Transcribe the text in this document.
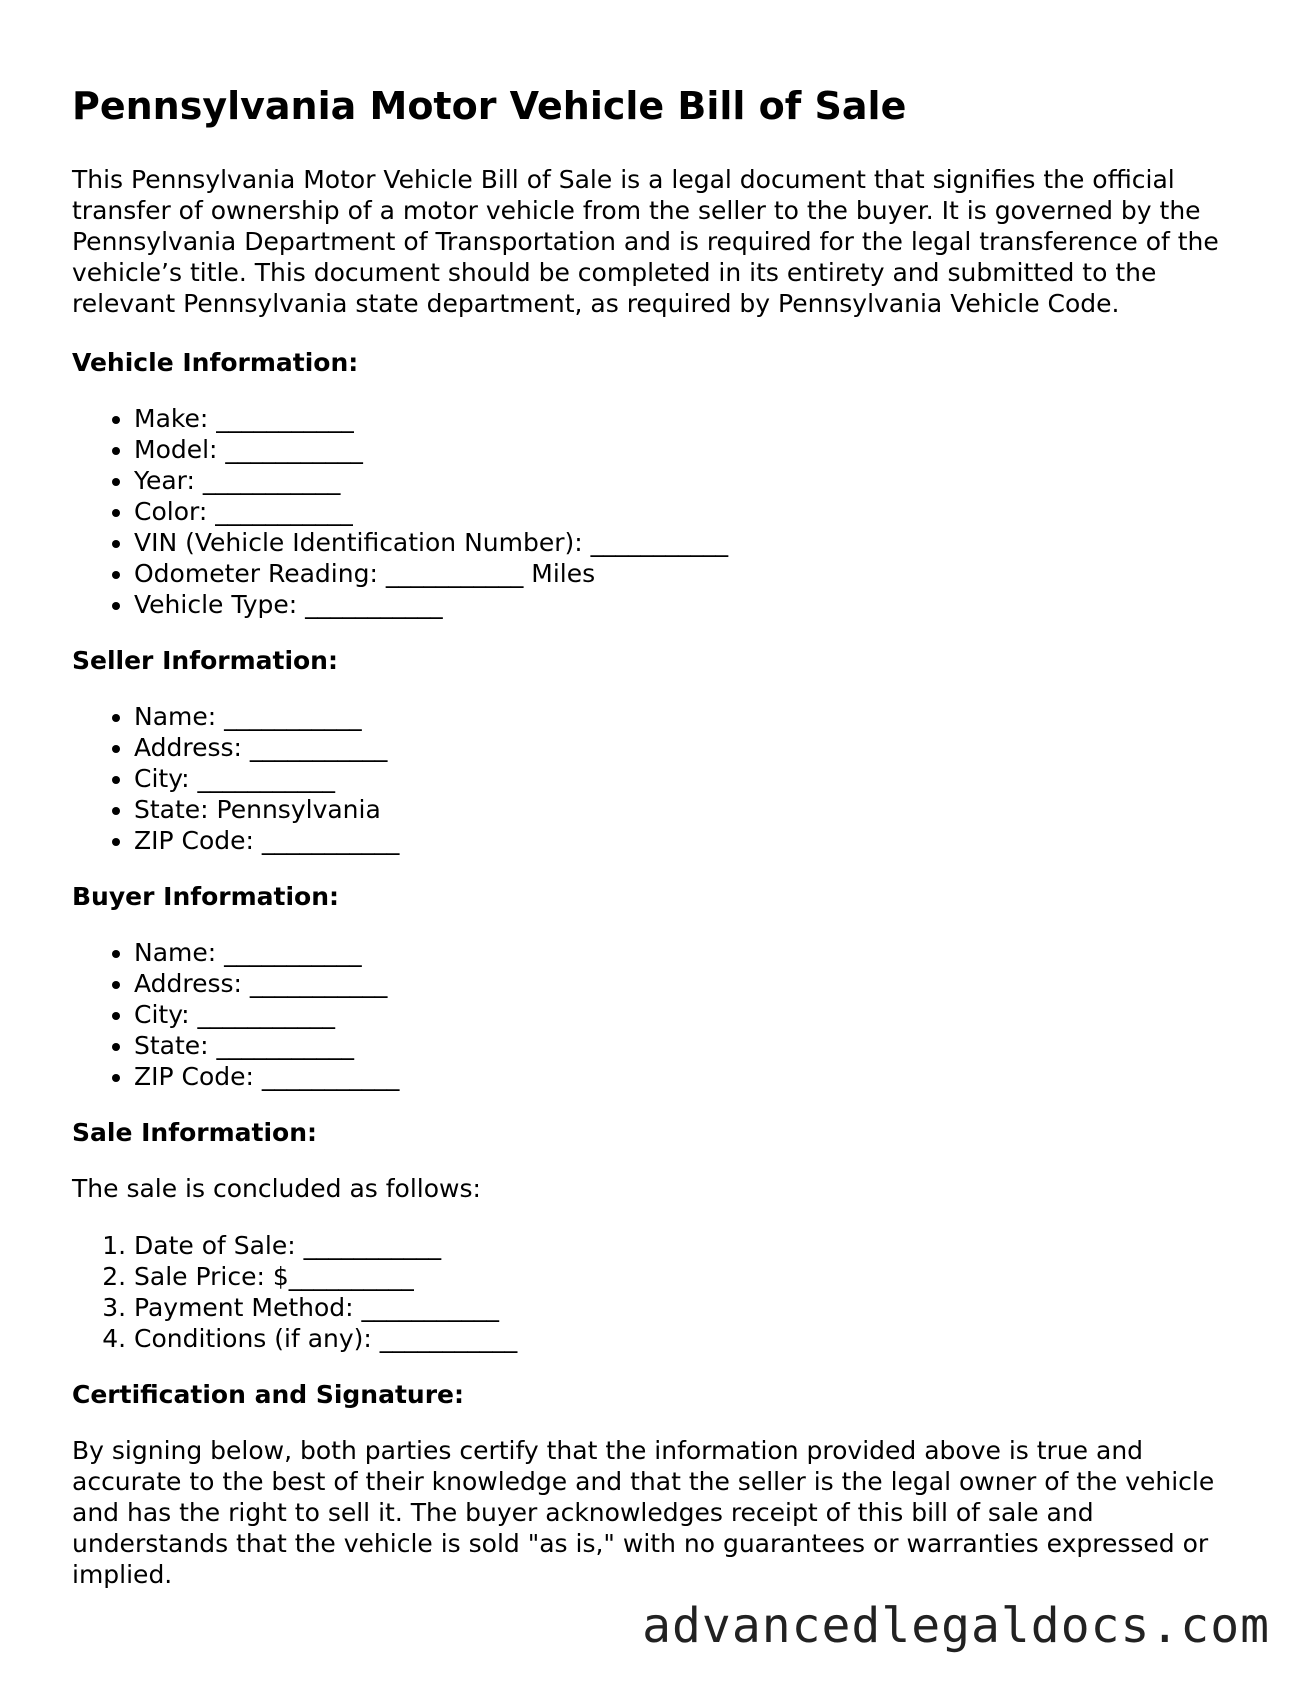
Pennsylvania Motor Vehicle Bill of Sale

This Pennsylvania Motor Vehicle Bill of Sale is a legal document that signifies the official transfer of ownership of a motor vehicle from the seller to the buyer. It is governed by the Pennsylvania Department of Transportation and is required for the legal transference of the vehicle’s title. This document should be completed in its entirety and submitted to the relevant Pennsylvania state department, as required by Pennsylvania Vehicle Code.

Vehicle Information:
• Make: ___________
• Model: ___________
• Year: ___________
• Color: ___________
• VIN (Vehicle Identification Number): ___________
• Odometer Reading: ___________ Miles
• Vehicle Type: ___________
Seller Information:
• Name: ___________
• Address: ___________
• City: ___________
• State: Pennsylvania
• ZIP Code: ___________
Buyer Information:
• Name: ___________
• Address: ___________
• City: ___________
• State: ___________
• ZIP Code: ___________
Sale Information:

The sale is concluded as follows:

1. Date of Sale: ___________
2. Sale Price: $__________
3. Payment Method: ___________
4. Conditions (if any): ___________
Certification and Signature:

By signing below, both parties certify that the information provided above is true and accurate to the best of their knowledge and that the seller is the legal owner of the vehicle and has the right to sell it. The buyer acknowledges receipt of this bill of sale and understands that the vehicle is sold "as is," with no guarantees or warranties expressed or implied.

advancedlegaldocs.com
